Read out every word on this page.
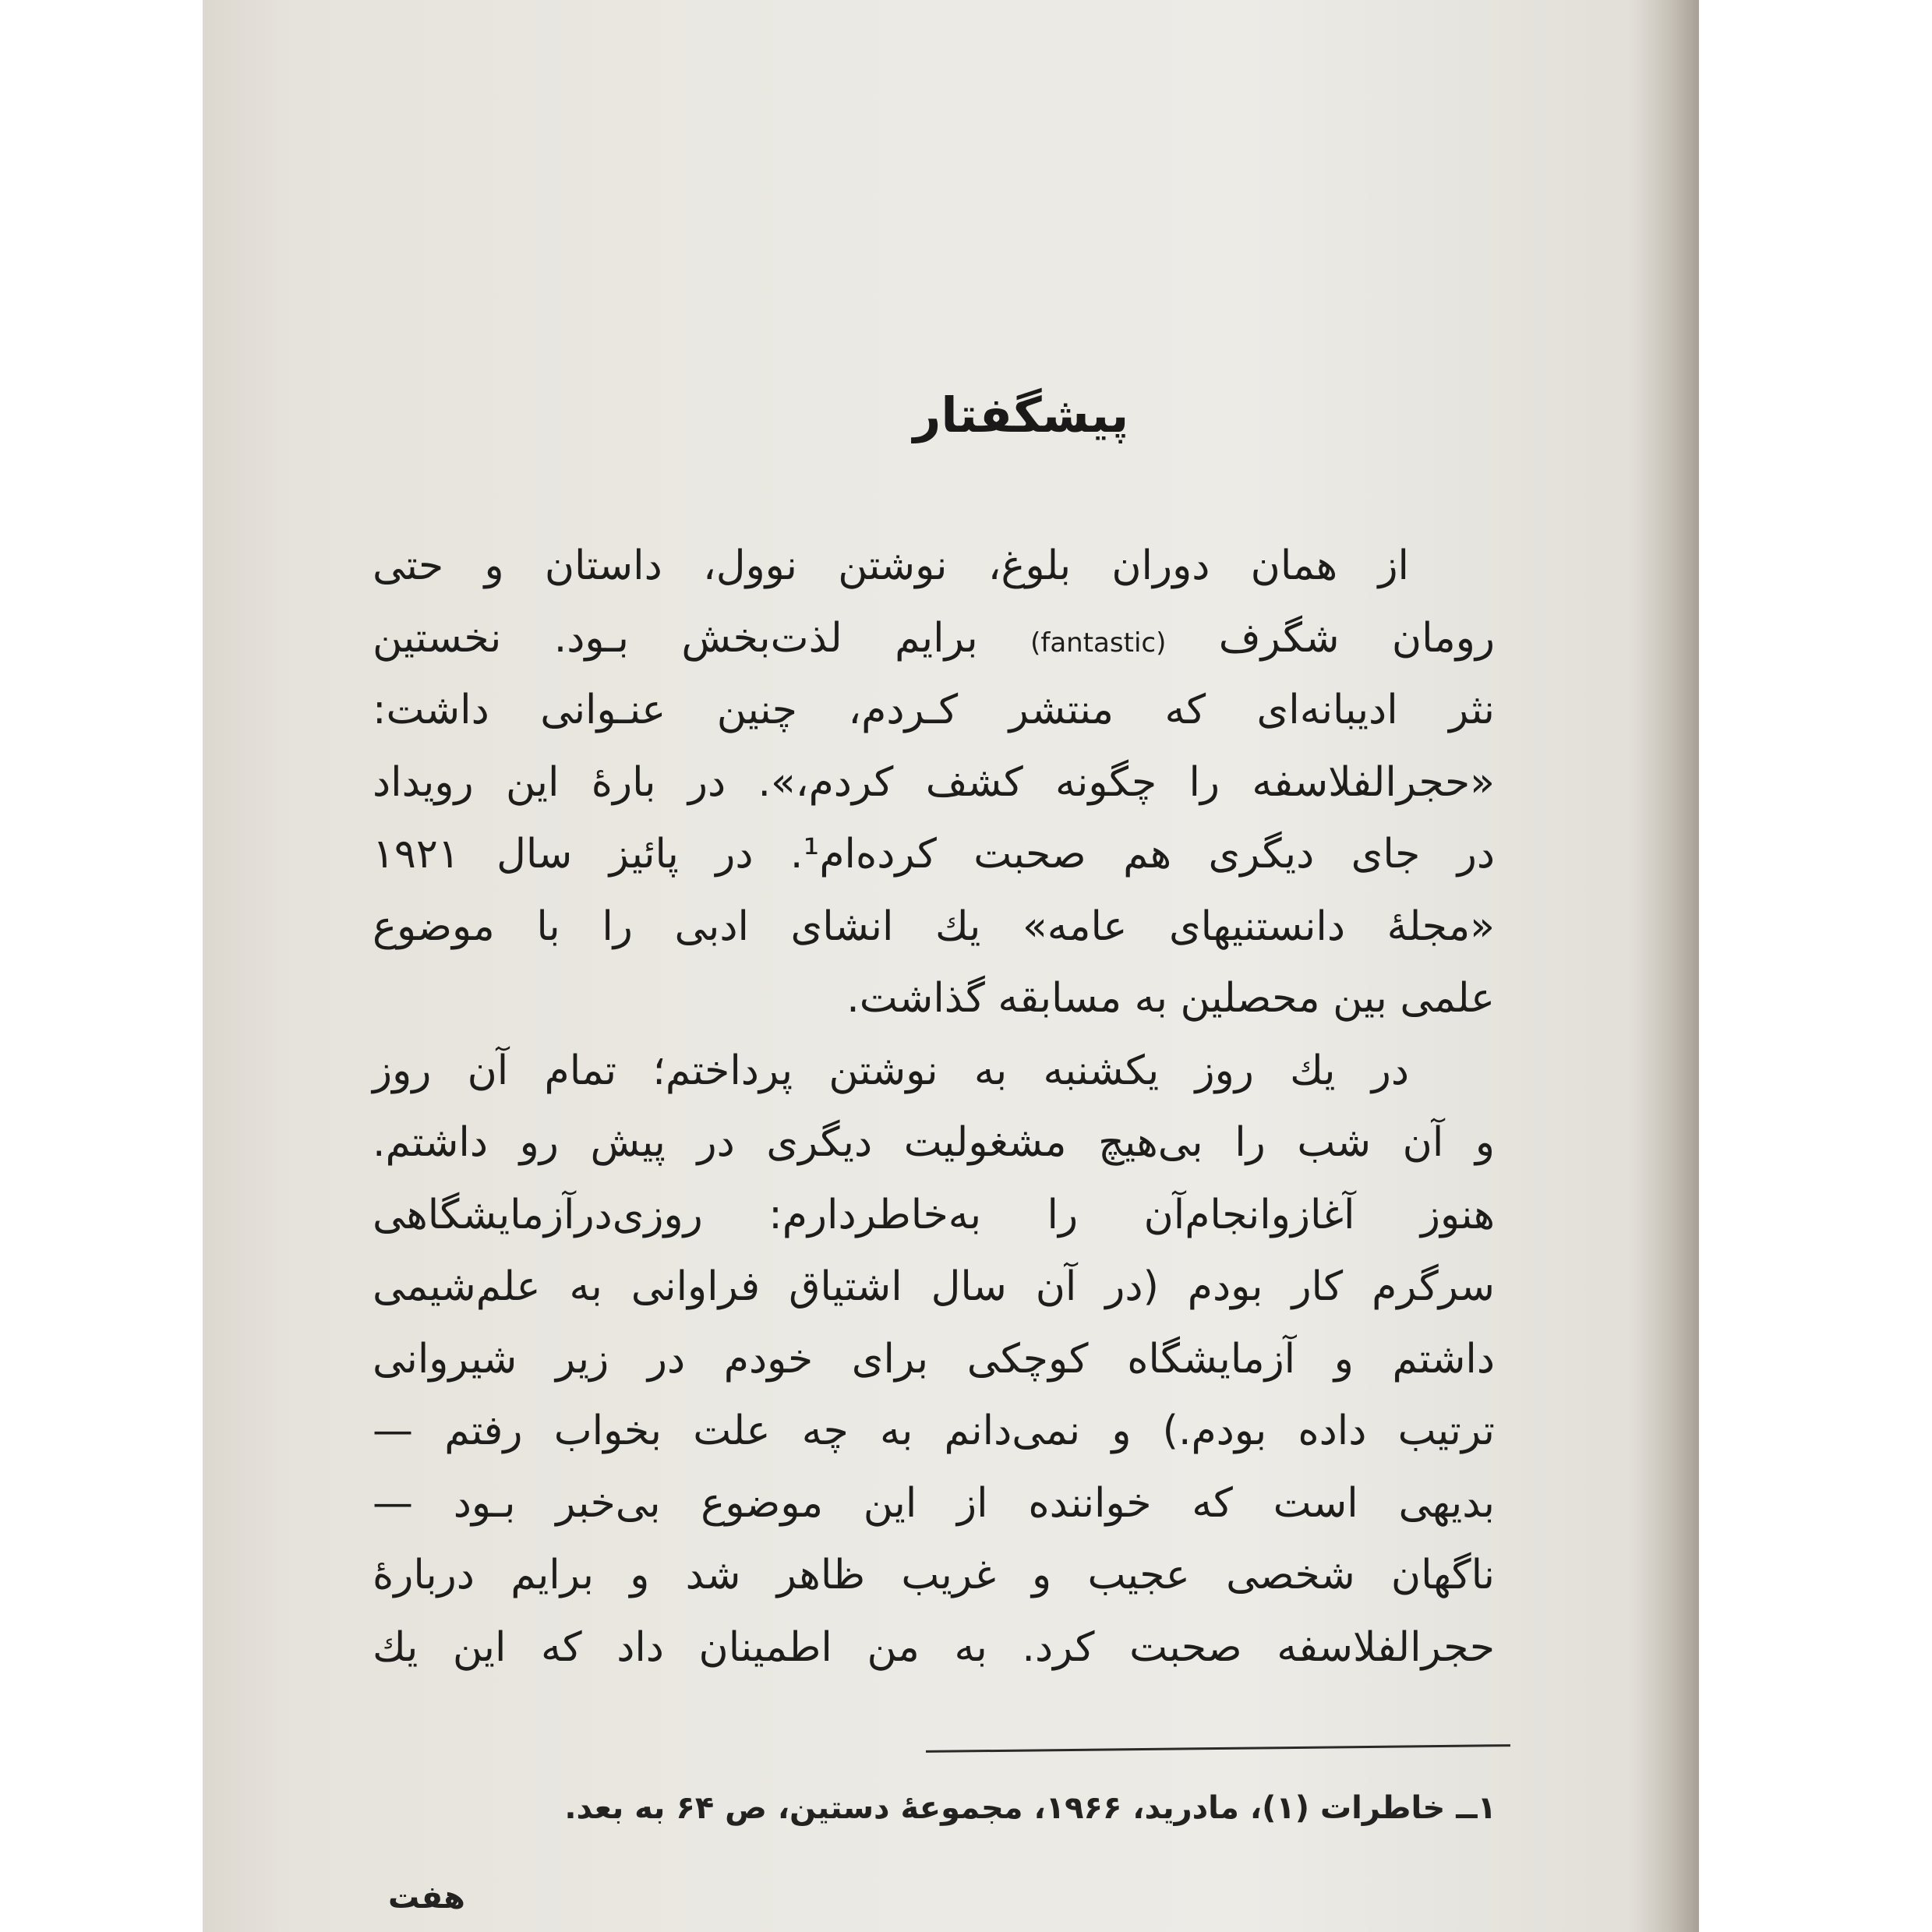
پیشگفتار
از همان دوران بلوغ، نوشتن نوول، داستان و حتی
رومان شگرف (fantastic) برایم لذت‌بخش بـود. نخستین
نثر ادیبانه‌ای که منتشر کـردم، چنین عنـوانی داشت:
«حجرالفلاسفه را چگونه کشف کردم،». در بارهٔ این رویداد
در جای دیگری هم صحبت کرده‌ام¹. در پائیز سال ۱۹۲۱
«مجلهٔ دانستنیهای عامه» یك انشای ادبی را با موضوع
علمی بین محصلین به مسابقه گذاشت.
در یك روز یکشنبه به نوشتن پرداختم؛ تمام آن روز
و آن شب را بی‌هیچ مشغولیت دیگری در پیش رو داشتم.
هنوز آغازوانجام‌آن را به‌خاطردارم: روزی‌درآزمایشگاهی
سرگرم کار بودم (در آن سال اشتیاق فراوانی به علم‌شیمی
داشتم و آزمایشگاه کوچکی برای خودم در زیر شیروانی
ترتیب داده بودم.) و نمی‌دانم به چه علت بخواب رفتم —
بدیهی است که خواننده از این موضوع بی‌خبر بـود —
ناگهان شخصی عجیب و غریب ظاهر شد و برایم دربارهٔ
حجرالفلاسفه صحبت کرد. به من اطمینان داد که این یك
۱ــ خاطرات (۱)، مادرید، ۱۹۶۶، مجموعهٔ دستین، ص ۶۴ به بعد.
هفت
